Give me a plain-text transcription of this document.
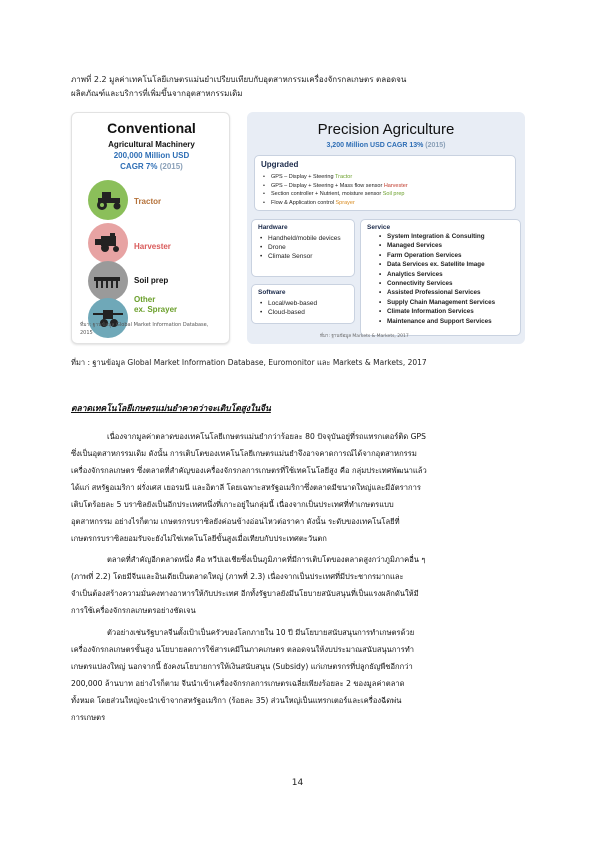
ภาพที่ 2.2 มูลค่าเทคโนโลยีเกษตรแม่นยำเปรียบเทียบกับอุตสาหกรรมเครื่องจักรกลเกษตร ตลอดจน
ผลิตภัณฑ์และบริการที่เพิ่มขึ้นจากอุตสาหกรรมเดิม
Conventional
Agricultural Machinery
200,000 Million USD
CAGR 7% (2015)
Tractor
Harvester
Soil prep
Other
ex. Sprayer
ที่มา: ฐานข้อมูล Global Market Information Database, 2015
Precision Agriculture
3,200 Million USD CAGR 13% (2015)
Upgraded
• GPS – Display + Steering Tractor
• GPS – Display + Steering + Mass flow sensor Harvester
• Section controller + Nutrient, moisture sensor Soil prep
• Flow & Application control Sprayer
Hardware
• Handheld/mobile devices
• Drone
• Climate Sensor
Software
• Local/web-based
• Cloud-based
Service
• System Integration & Consulting
• Managed Services
• Farm Operation Services
• Data Services ex. Satellite Image
• Analytics Services
• Connectivity Services
• Assisted Professional Services
• Supply Chain Management Services
• Climate Information Services
• Maintenance and Support Services
ที่มา: ฐานข้อมูล Markets & Markets, 2017
ที่มา : ฐานข้อมูล Global Market Information Database, Euromonitor และ Markets & Markets, 2017
ตลาดเทคโนโลยีเกษตรแม่นยำคาดว่าจะเติบโตสูงในจีน
เนื่องจากมูลค่าตลาดของเทคโนโลยีเกษตรแม่นยำกว่าร้อยละ 80 ปัจจุบันอยู่ที่รถแทรกเตอร์ติด GPS
ซึ่งเป็นอุตสาหกรรมเดิม ดังนั้น การเติบโตของเทคโนโลยีเกษตรแม่นยำจึงอาจคาดการณ์ได้จากอุตสาหกรรม
เครื่องจักรกลเกษตร ซึ่งตลาดที่สำคัญของเครื่องจักรกลการเกษตรที่ใช้เทคโนโลยีสูง คือ กลุ่มประเทศพัฒนาแล้ว
ได้แก่ สหรัฐอเมริกา ฝรั่งเศส เยอรมนี และอิตาลี โดยเฉพาะสหรัฐอเมริกาซึ่งตลาดมีขนาดใหญ่และมีอัตราการ
เติบโตร้อยละ 5 บราซิลยังเป็นอีกประเทศหนึ่งที่เกาะอยู่ในกลุ่มนี้ เนื่องจากเป็นประเทศที่ทำเกษตรแบบ
อุตสาหกรรม อย่างไรก็ตาม เกษตรกรบราซิลยังค่อนข้างอ่อนไหวต่อราคา ดังนั้น ระดับของเทคโนโลยีที่
เกษตรกรบราซิลยอมรับจะยังไม่ใช่เทคโนโลยีขั้นสูงเมื่อเทียบกับประเทศตะวันตก
ตลาดที่สำคัญอีกตลาดหนึ่ง คือ ทวีปเอเชียซึ่งเป็นภูมิภาคที่มีการเติบโตของตลาดสูงกว่าภูมิภาคอื่น ๆ
(ภาพที่ 2.2) โดยมีจีนและอินเดียเป็นตลาดใหญ่ (ภาพที่ 2.3) เนื่องจากเป็นประเทศที่มีประชากรมากและ
จำเป็นต้องสร้างความมั่นคงทางอาหารให้กับประเทศ อีกทั้งรัฐบาลยังมีนโยบายสนับสนุนที่เป็นแรงผลักดันให้มี
การใช้เครื่องจักรกลเกษตรอย่างชัดเจน
ตัวอย่างเช่นรัฐบาลจีนตั้งเป้าเป็นครัวของโลกภายใน 10 ปี มีนโยบายสนับสนุนการทำเกษตรด้วย
เครื่องจักรกลเกษตรขั้นสูง นโยบายลดการใช้สารเคมีในภาคเกษตร ตลอดจนให้งบประมาณสนับสนุนการทำ
เกษตรแปลงใหญ่ นอกจากนี้ ยังคงนโยบายการให้เงินสนับสนุน (Subsidy) แก่เกษตรกรที่ปลูกธัญพืชอีกกว่า
200,000 ล้านบาท อย่างไรก็ตาม จีนนำเข้าเครื่องจักรกลการเกษตรเฉลี่ยเพียงร้อยละ 2 ของมูลค่าตลาด
ทั้งหมด โดยส่วนใหญ่จะนำเข้าจากสหรัฐอเมริกา (ร้อยละ 35) ส่วนใหญ่เป็นแทรกเตอร์และเครื่องฉีดพ่น
การเกษตร
14
